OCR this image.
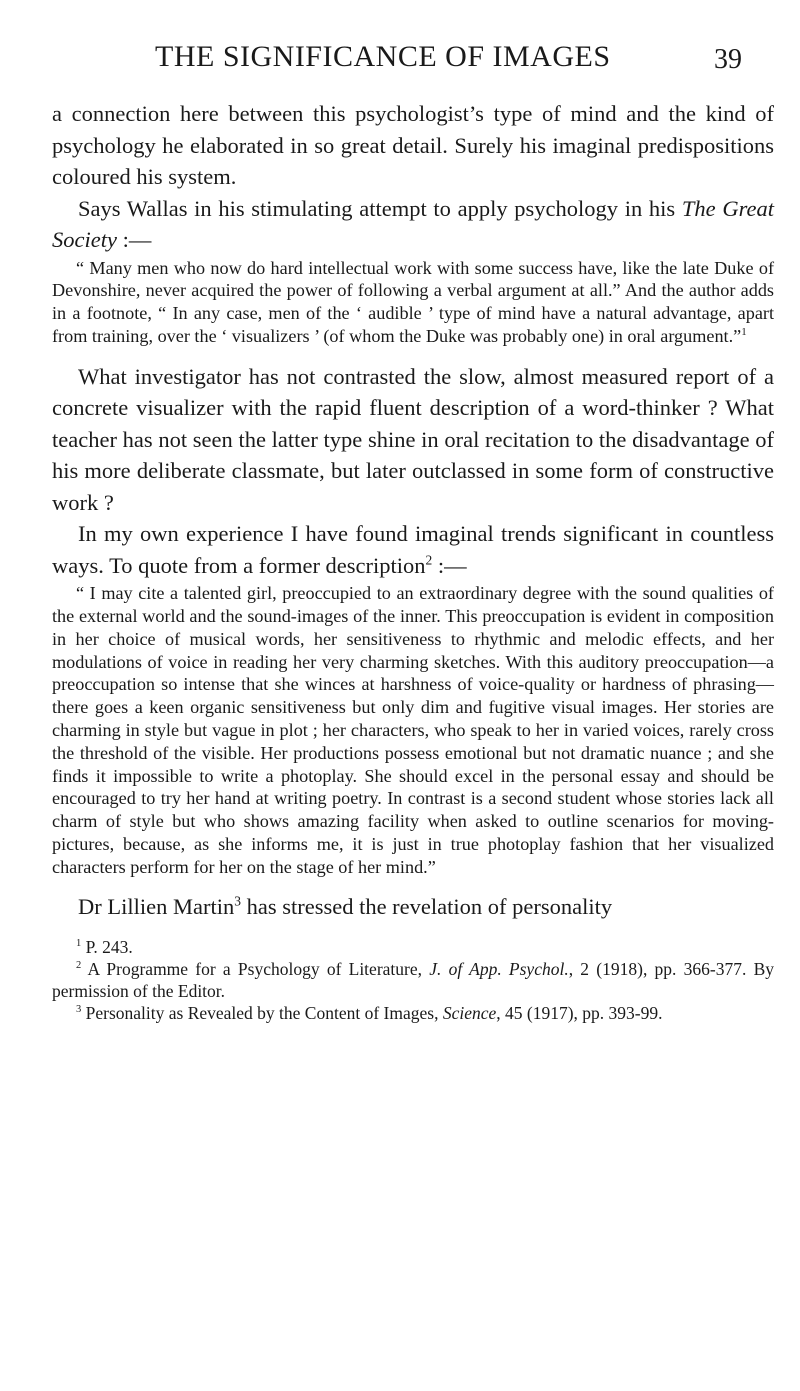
THE SIGNIFICANCE OF IMAGES	39

a connection here between this psychologist’s type of mind and the kind of psychology he elaborated in so great detail. Surely his imaginal predispositions coloured his system.

Says Wallas in his stimulating attempt to apply psychology in his The Great Society :—

“ Many men who now do hard intellectual work with some success have, like the late Duke of Devonshire, never acquired the power of following a verbal argument at all.” And the author adds in a footnote, “ In any case, men of the ‘ audible ’ type of mind have a natural advantage, apart from training, over the ‘ visualizers ’ (of whom the Duke was probably one) in oral argument.”$^1$

What investigator has not contrasted the slow, almost measured report of a concrete visualizer with the rapid fluent description of a word-thinker ? What teacher has not seen the latter type shine in oral recitation to the disadvantage of his more deliberate classmate, but later outclassed in some form of constructive work ?

In my own experience I have found imaginal trends significant in countless ways. To quote from a former description$^2$ :—

“ I may cite a talented girl, preoccupied to an extraordinary degree with the sound qualities of the external world and the sound-images of the inner. This preoccupation is evident in composition in her choice of musical words, her sensitiveness to rhythmic and melodic effects, and her modulations of voice in reading her very charming sketches. With this auditory preoccupation—a preoccupation so intense that she winces at harshness of voice-quality or hardness of phrasing—there goes a keen organic sensitiveness but only dim and fugitive visual images. Her stories are charming in style but vague in plot ; her characters, who speak to her in varied voices, rarely cross the threshold of the visible. Her productions possess emotional but not dramatic nuance ; and she finds it impossible to write a photoplay. She should excel in the personal essay and should be encouraged to try her hand at writing poetry. In contrast is a second student whose stories lack all charm of style but who shows amazing facility when asked to outline scenarios for moving-pictures, because, as she informs me, it is just in true photoplay fashion that her visualized characters perform for her on the stage of her mind.”

Dr Lillien Martin$^3$ has stressed the revelation of personality

$^1$ P. 243.

$^2$ A Programme for a Psychology of Literature, J. of App. Psychol., 2 (1918), pp. 366-377. By permission of the Editor.

$^3$ Personality as Revealed by the Content of Images, Science, 45 (1917), pp. 393-99.
